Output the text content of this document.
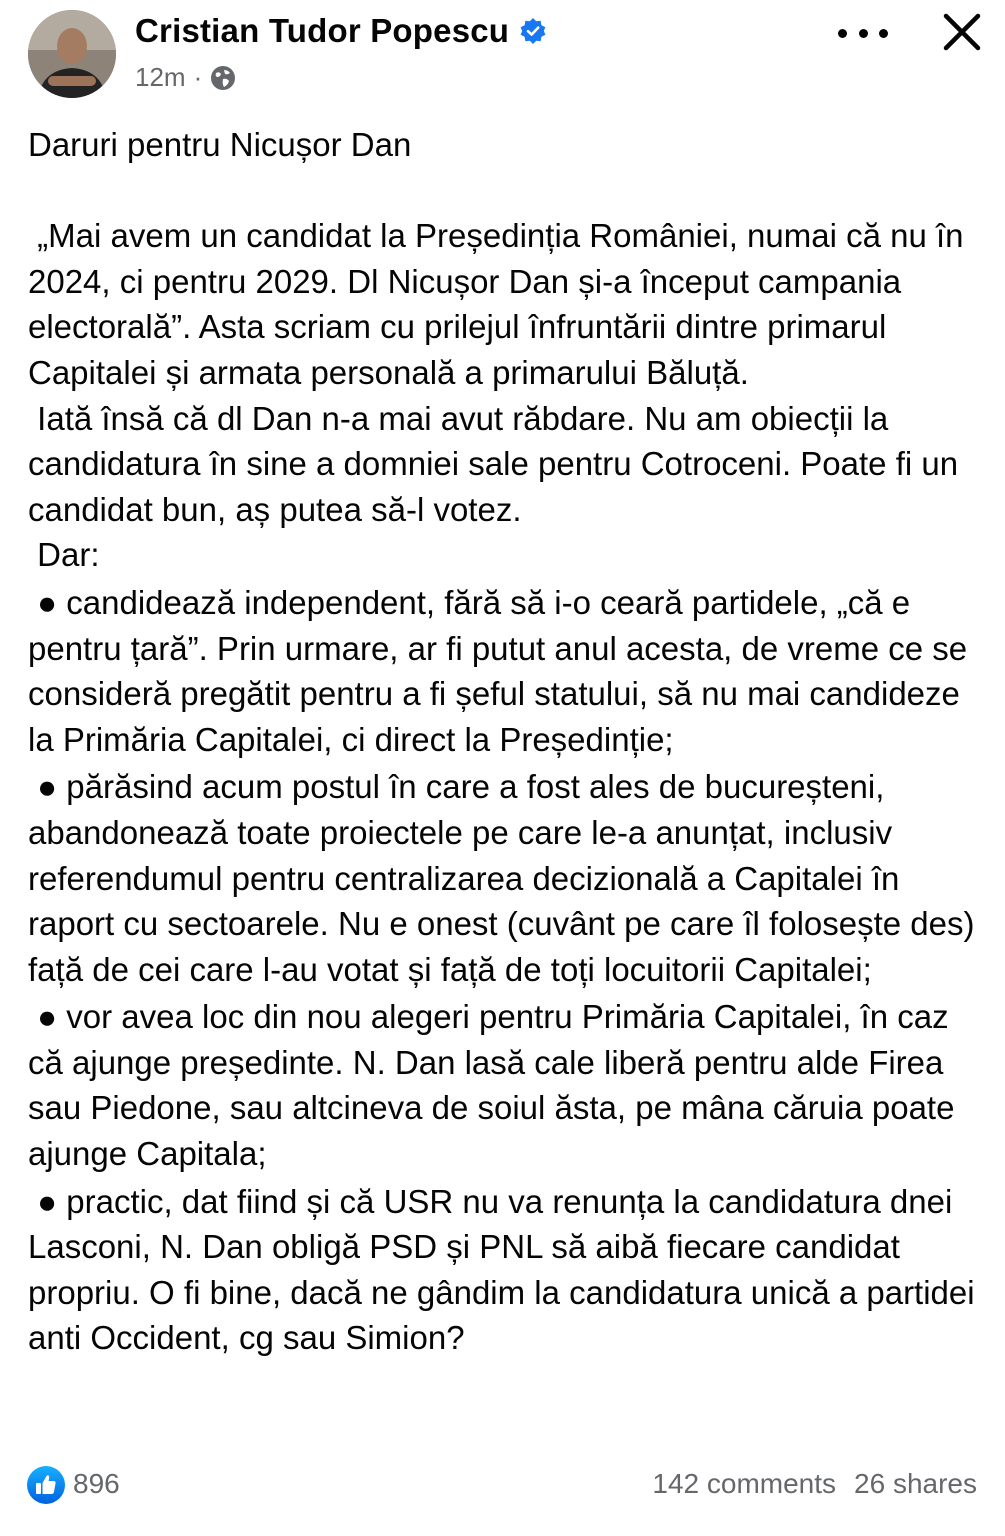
Cristian Tudor Popescu
12m ·

Daruri pentru Nicușor Dan

„Mai avem un candidat la Președinția României, numai că nu în 2024, ci pentru 2029. Dl Nicușor Dan și-a început campania electorală”. Asta scriam cu prilejul înfruntării dintre primarul Capitalei și armata personală a primarului Băluță.

Iată însă că dl Dan n-a mai avut răbdare. Nu am obiecții la candidatura în sine a domniei sale pentru Cotroceni. Poate fi un candidat bun, aș putea să-l votez.

Dar:

● candidează independent, fără să i-o ceară partidele, „că e pentru țară”. Prin urmare, ar fi putut anul acesta, de vreme ce se consideră pregătit pentru a fi șeful statului, să nu mai candideze la Primăria Capitalei, ci direct la Președinție;

● părăsind acum postul în care a fost ales de bucureșteni, abandonează toate proiectele pe care le-a anunțat, inclusiv referendumul pentru centralizarea decizională a Capitalei în raport cu sectoarele. Nu e onest (cuvânt pe care îl folosește des) față de cei care l-au votat și față de toți locuitorii Capitalei;

● vor avea loc din nou alegeri pentru Primăria Capitalei, în caz că ajunge președinte. N. Dan lasă cale liberă pentru alde Firea sau Piedone, sau altcineva de soiul ăsta, pe mâna căruia poate ajunge Capitala;

● practic, dat fiind și că USR nu va renunța la candidatura dnei Lasconi, N. Dan obligă PSD și PNL să aibă fiecare candidat propriu. O fi bine, dacă ne gândim la candidatura unică a partidei anti Occident, cg sau Simion?

896	142 comments 26 shares
